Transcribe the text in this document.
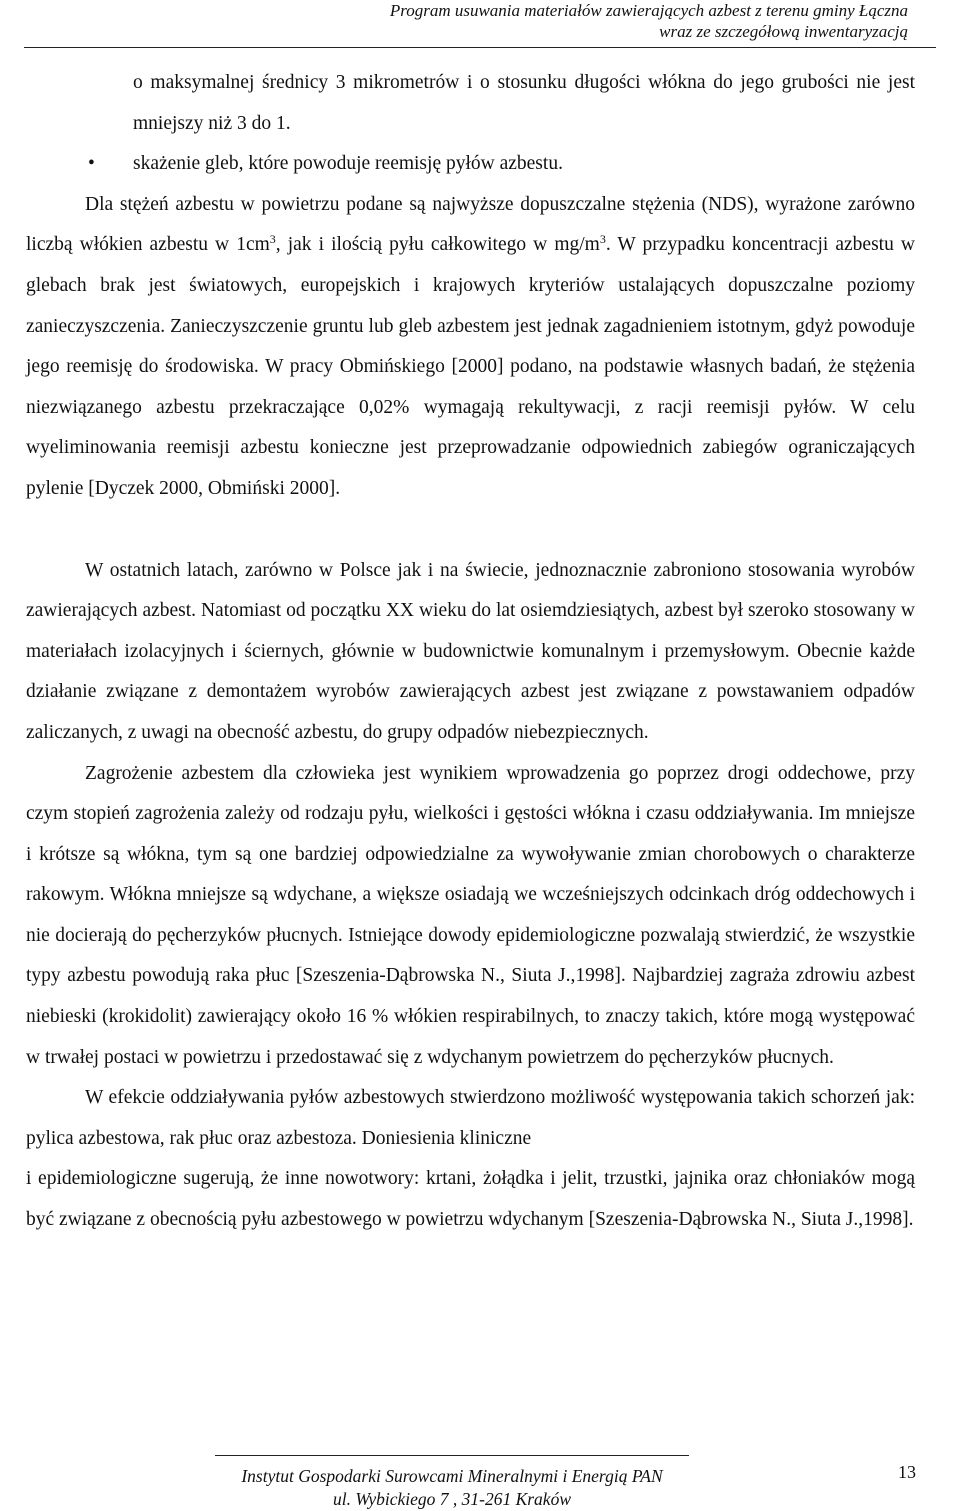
Program usuwania materiałów zawierających azbest z terenu gminy Łączna
wraz ze szczegółową inwentaryzacją

o maksymalnej średnicy 3 mikrometrów i o stosunku długości włókna do jego grubości nie jest mniejszy niż 3 do 1.

• skażenie gleb, które powoduje reemisję pyłów azbestu.

Dla stężeń azbestu w powietrzu podane są najwyższe dopuszczalne stężenia (NDS), wyrażone zarówno liczbą włókien azbestu w $1cm^3$, jak i ilością pyłu całkowitego w $mg/m^3$. W przypadku koncentracji azbestu w glebach brak jest światowych, europejskich i krajowych kryteriów ustalających dopuszczalne poziomy zanieczyszczenia. Zanieczyszczenie gruntu lub gleb azbestem jest jednak zagadnieniem istotnym, gdyż powoduje jego reemisję do środowiska. W pracy Obmińskiego [2000] podano, na podstawie własnych badań, że stężenia niezwiązanego azbestu przekraczające 0,02% wymagają rekultywacji, z racji reemisji pyłów. W celu wyeliminowania reemisji azbestu konieczne jest przeprowadzanie odpowiednich zabiegów ograniczających pylenie [Dyczek 2000, Obmiński 2000].

W ostatnich latach, zarówno w Polsce jak i na świecie, jednoznacznie zabroniono stosowania wyrobów zawierających azbest. Natomiast od początku XX wieku do lat osiemdziesiątych, azbest był szeroko stosowany w materiałach izolacyjnych i ściernych, głównie w budownictwie komunalnym i przemysłowym. Obecnie każde działanie związane z demontażem wyrobów zawierających azbest jest związane z powstawaniem odpadów zaliczanych, z uwagi na obecność azbestu, do grupy odpadów niebezpiecznych.

Zagrożenie azbestem dla człowieka jest wynikiem wprowadzenia go poprzez drogi oddechowe, przy czym stopień zagrożenia zależy od rodzaju pyłu, wielkości i gęstości włókna i czasu oddziaływania. Im mniejsze i krótsze są włókna, tym są one bardziej odpowiedzialne za wywoływanie zmian chorobowych o charakterze rakowym. Włókna mniejsze są wdychane, a większe osiadają we wcześniejszych odcinkach dróg oddechowych i nie docierają do pęcherzyków płucnych. Istniejące dowody epidemiologiczne pozwalają stwierdzić, że wszystkie typy azbestu powodują raka płuc [Szeszenia-Dąbrowska N., Siuta J.,1998]. Najbardziej zagraża zdrowiu azbest niebieski (krokidolit) zawierający około 16 % włókien respirabilnych, to znaczy takich, które mogą występować w trwałej postaci w powietrzu i przedostawać się z wdychanym powietrzem do pęcherzyków płucnych.

W efekcie oddziaływania pyłów azbestowych stwierdzono możliwość występowania takich schorzeń jak: pylica azbestowa, rak płuc oraz azbestoza. Doniesienia kliniczne

i epidemiologiczne sugerują, że inne nowotwory: krtani, żołądka i jelit, trzustki, jajnika oraz chłoniaków mogą być związane z obecnością pyłu azbestowego w powietrzu wdychanym [Szeszenia-Dąbrowska N., Siuta J.,1998].

Instytut Gospodarki Surowcami Mineralnymi i Energią PAN
ul. Wybickiego 7 , 31-261 Kraków
13
